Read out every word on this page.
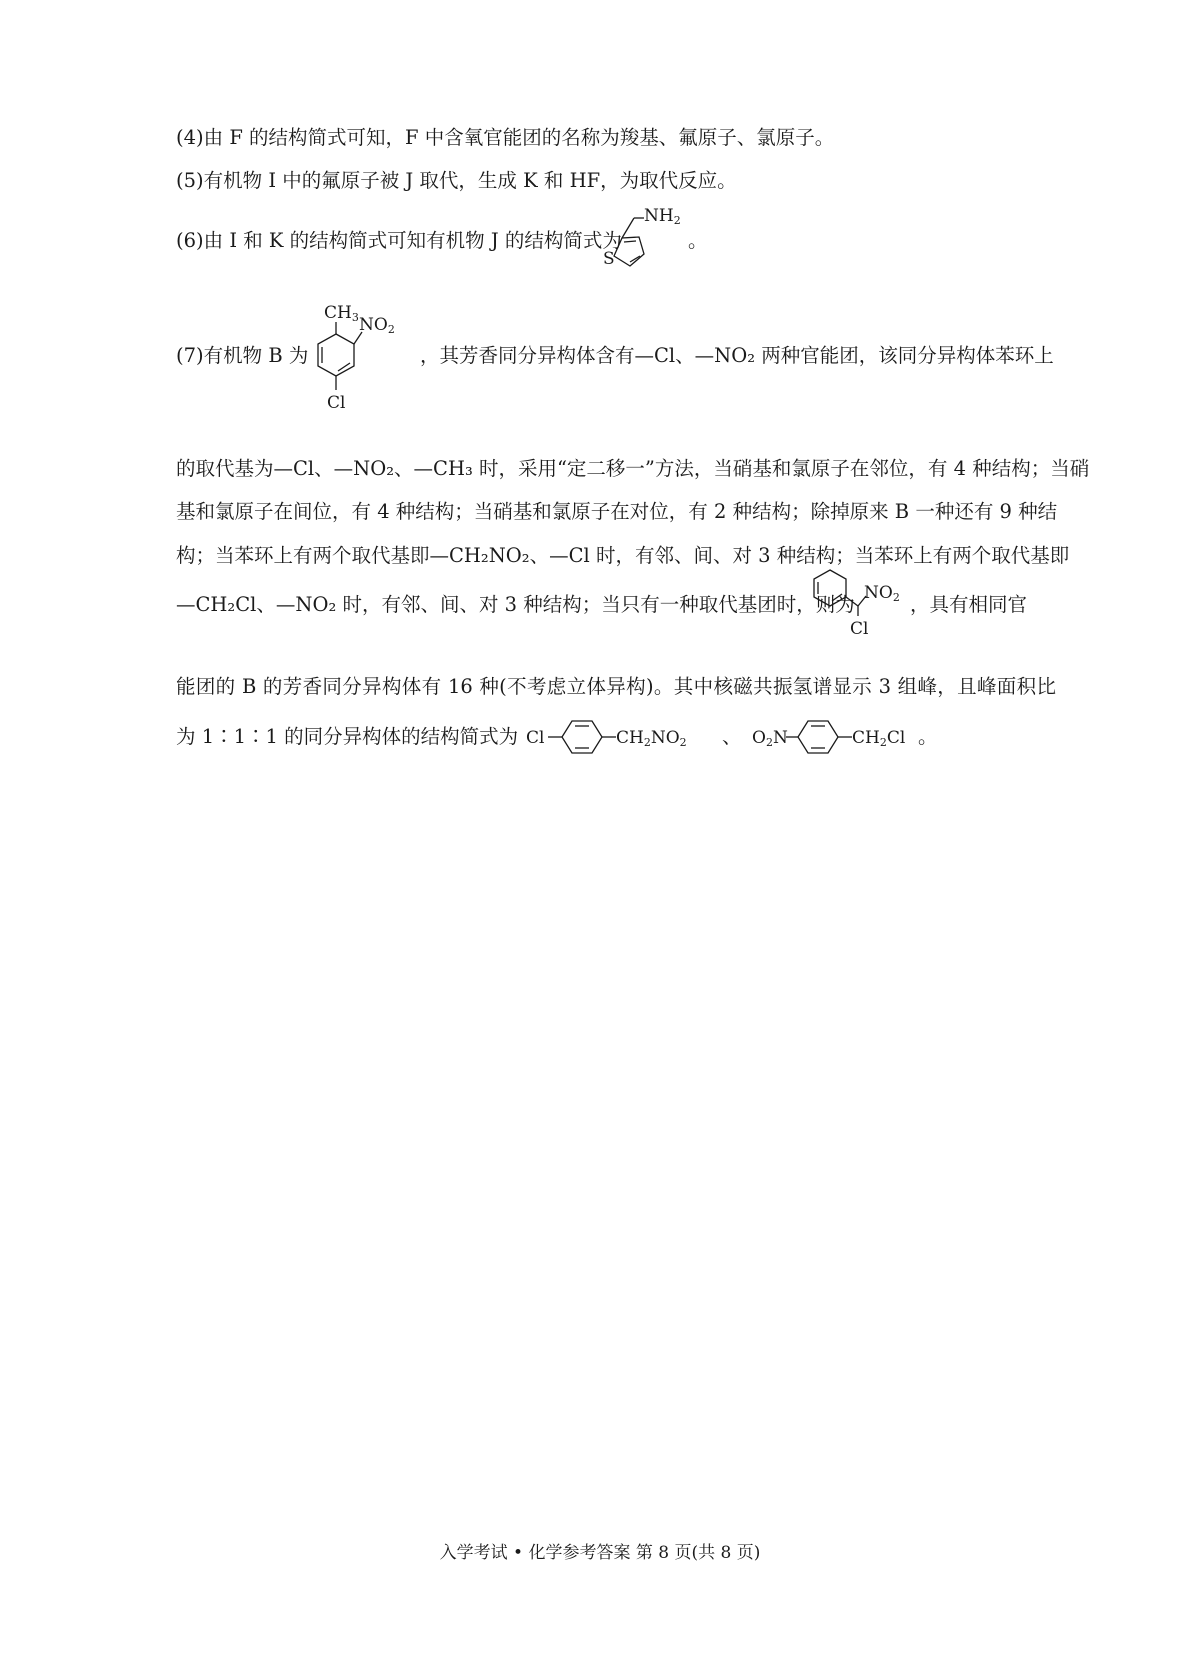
(4)由 F 的结构简式可知，F 中含氧官能团的名称为羧基、氟原子、氯原子。
(5)有机物 I 中的氟原子被 J 取代，生成 K 和 HF，为取代反应。
(6)由 I 和 K 的结构简式可知有机物 J 的结构简式为
NH2
S
。
(7)有机物 B 为
CH3 NO2
Cl
，其芳香同分异构体含有—Cl、—NO₂ 两种官能团，该同分异构体苯环上
的取代基为—Cl、—NO₂、—CH₃ 时，采用“定二移一”方法，当硝基和氯原子在邻位，有 4 种结构；当硝
基和氯原子在间位，有 4 种结构；当硝基和氯原子在对位，有 2 种结构；除掉原来 B 一种还有 9 种结
构；当苯环上有两个取代基即—CH₂NO₂、—Cl 时，有邻、间、对 3 种结构；当苯环上有两个取代基即
—CH₂Cl、—NO₂ 时，有邻、间、对 3 种结构；当只有一种取代基团时，则为 NO2
Cl
，具有相同官
能团的 B 的芳香同分异构体有 16 种(不考虑立体异构)。其中核磁共振氢谱显示 3 组峰，且峰面积比
为 1∶1∶1 的同分异构体的结构简式为 Cl	CH2NO2 、 O2N	CH2Cl 。
入学考试 • 化学参考答案 第 8 页(共 8 页)
